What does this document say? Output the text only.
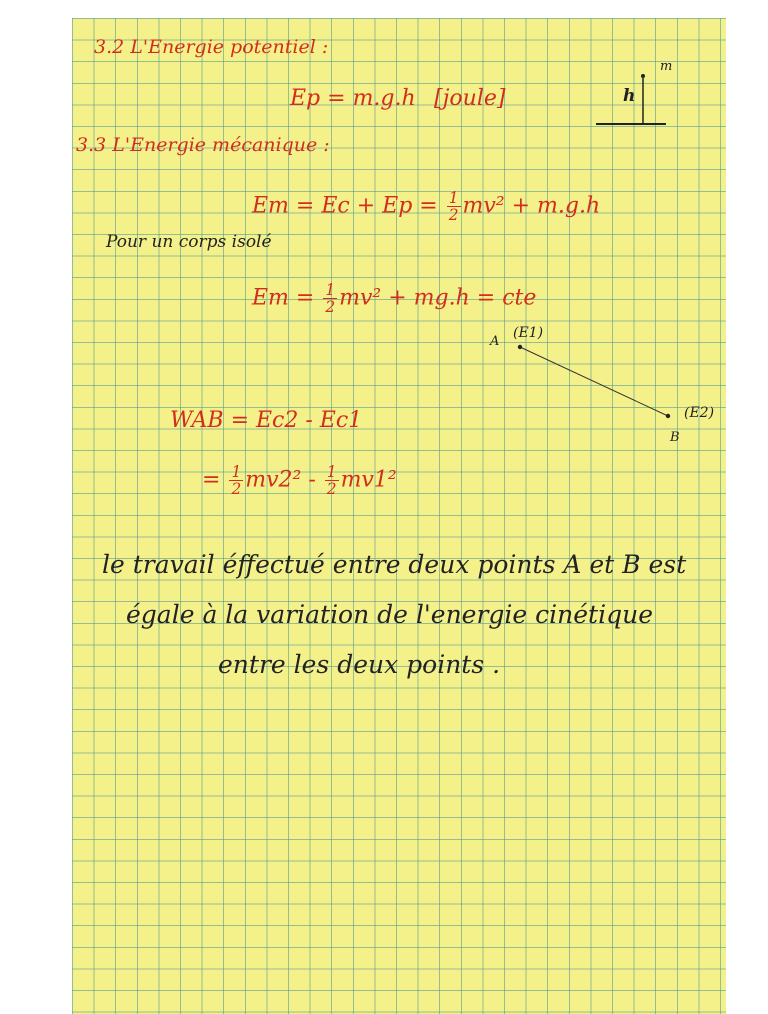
3.2 L'Energie potentiel :
Ep = m.g.h [joule]	h
m
3.3 L'Energie mécanique :
$Em = Ec + Ep = \frac{1}{2} mv^2 + m.g.h$
Pour un corps isolé
$Em = \frac{1}{2} mv^2 + mg.h$ = cte
A
(E1)
B
(E2)
WAB = Ec2 - Ec1
= $\frac{1}{2} mv2^2 - \frac{1}{2} mv1^2$
le travail éffectué entre deux points A et B est
égale à la variation de l'energie cinétique
entre les deux points .
